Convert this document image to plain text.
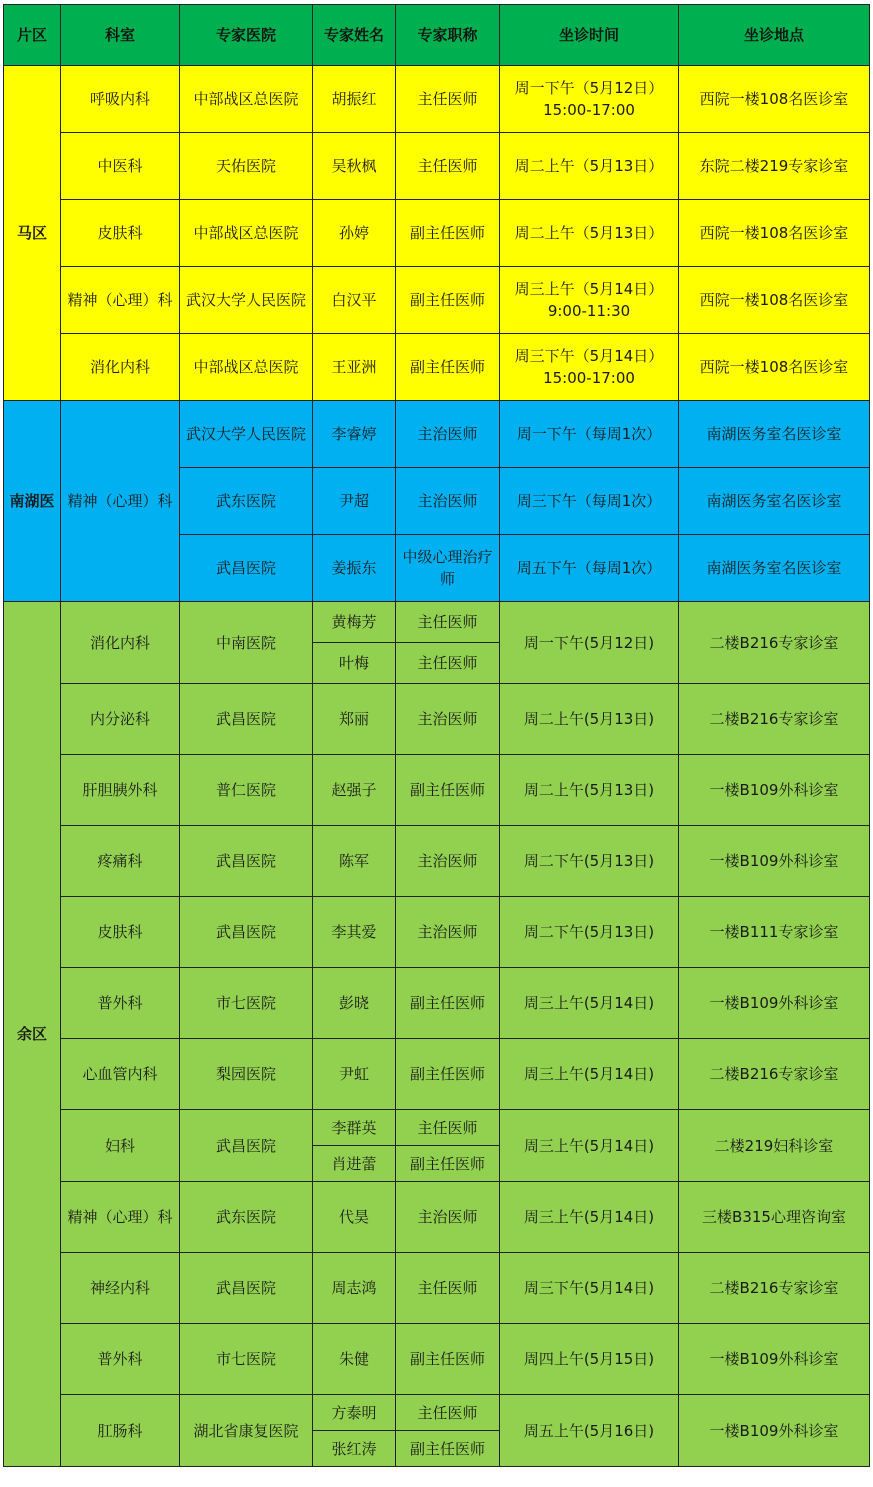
片区	科室	专家医院	专家姓名	专家职称	坐诊时间	坐诊地点
马区	呼吸内科	中部战区总医院	胡振红	主任医师	周一下午（5月12日）
15:00-17:00	西院一楼108名医诊室
	中医科	天佑医院	吴秋枫	主任医师	周二上午（5月13日）	东院二楼219专家诊室
	皮肤科	中部战区总医院	孙婷	副主任医师	周二上午（5月13日）	西院一楼108名医诊室
	精神（心理）科	武汉大学人民医院	白汉平	副主任医师	周三上午（5月14日）
9:00-11:30	西院一楼108名医诊室
	消化内科	中部战区总医院	王亚洲	副主任医师	周三下午（5月14日）
15:00-17:00	西院一楼108名医诊室
南湖医	精神（心理）科	武汉大学人民医院	李睿婷	主治医师	周一下午（每周1次）	南湖医务室名医诊室
		武东医院	尹超	主治医师	周三下午（每周1次）	南湖医务室名医诊室
		武昌医院	姜振东	中级心理治疗师	周五下午（每周1次）	南湖医务室名医诊室
余区	消化内科	中南医院	黄梅芳	主任医师	周一下午(5月12日)	二楼B216专家诊室
			叶梅	主任医师		
	内分泌科	武昌医院	郑丽	主治医师	周二上午(5月13日)	二楼B216专家诊室
	肝胆胰外科	普仁医院	赵强子	副主任医师	周二上午(5月13日)	一楼B109外科诊室
	疼痛科	武昌医院	陈军	主治医师	周二下午(5月13日)	一楼B109外科诊室
	皮肤科	武昌医院	李其爱	主治医师	周二下午(5月13日)	一楼B111专家诊室
	普外科	市七医院	彭晓	副主任医师	周三上午(5月14日)	一楼B109外科诊室
	心血管内科	梨园医院	尹虹	副主任医师	周三上午(5月14日)	二楼B216专家诊室
	妇科	武昌医院	李群英	主任医师	周三上午(5月14日)	二楼219妇科诊室
			肖进蕾	副主任医师		
	精神（心理）科	武东医院	代昊	主治医师	周三上午(5月14日)	三楼B315心理咨询室
	神经内科	武昌医院	周志鸿	主任医师	周三下午(5月14日)	二楼B216专家诊室
	普外科	市七医院	朱健	副主任医师	周四上午(5月15日)	一楼B109外科诊室
	肛肠科	湖北省康复医院	方泰明	主任医师	周五上午(5月16日)	一楼B109外科诊室
			张红涛	副主任医师		
